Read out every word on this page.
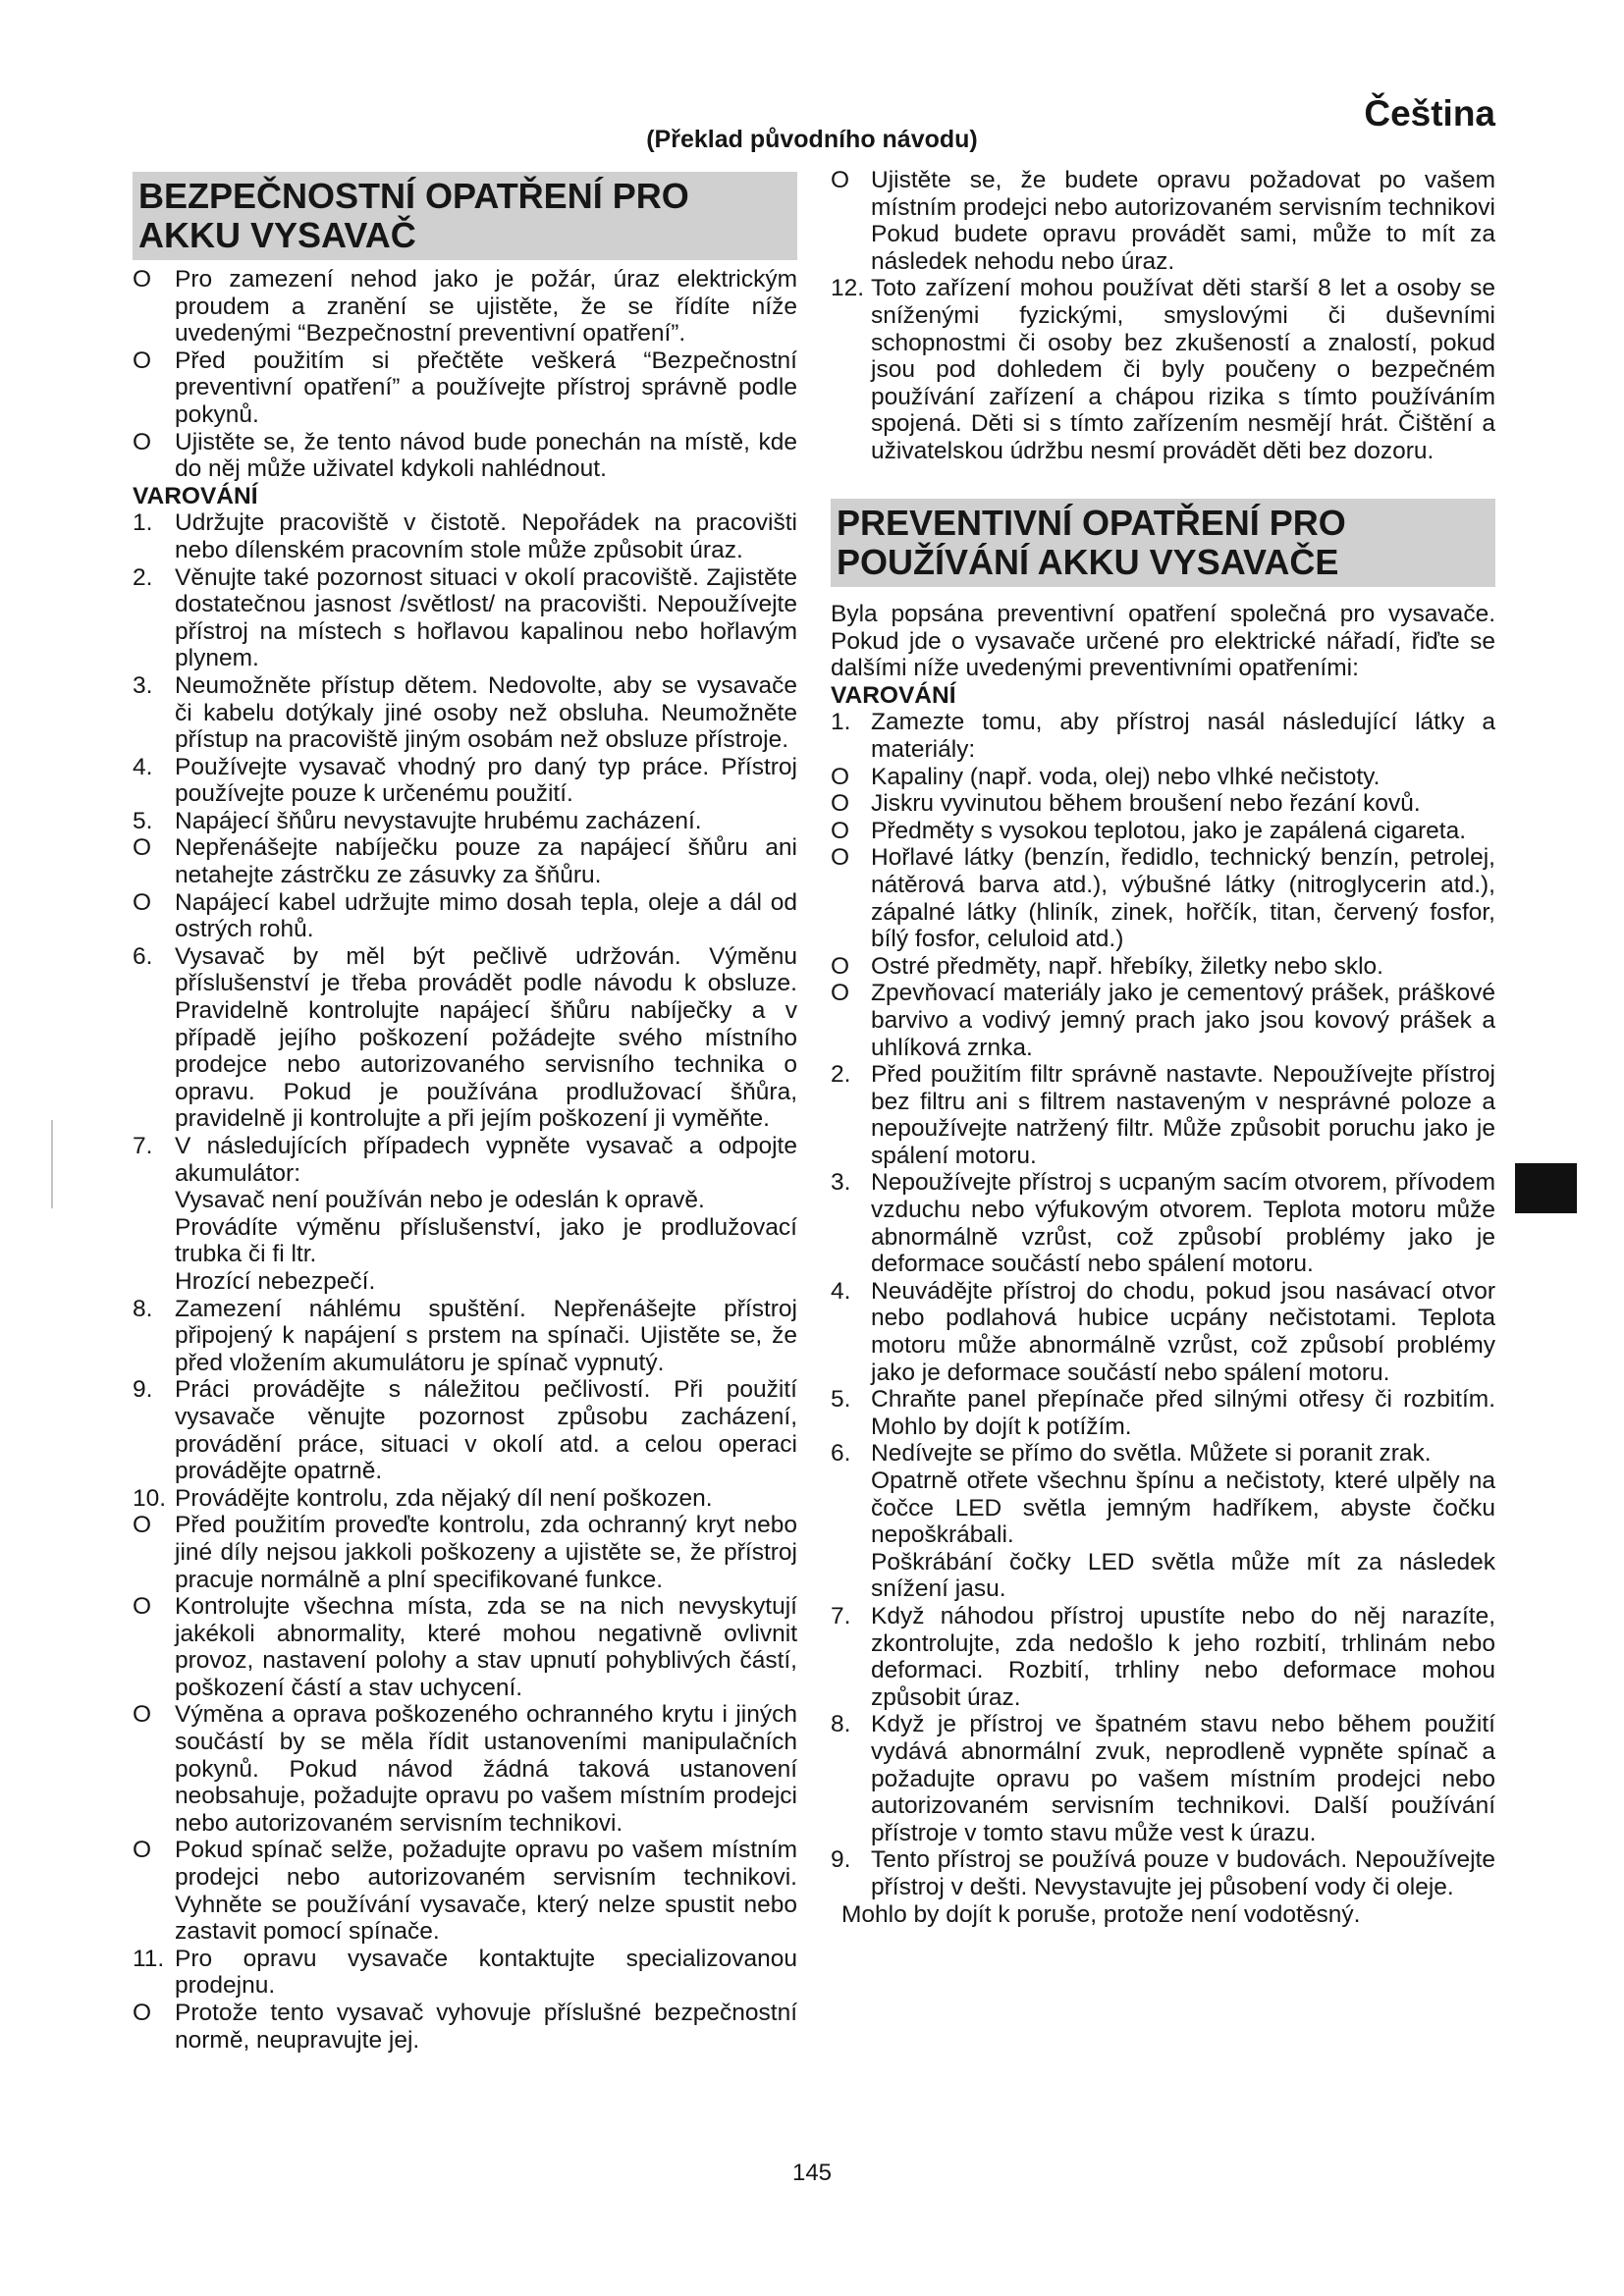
Čeština
(Překlad původního návodu)
BEZPEČNOSTNÍ OPATŘENÍ PRO
AKKU VYSAVAČ
O Pro zamezení nehod jako je požár, úraz elektrickým proudem a zranění se ujistěte, že se řídíte níže uvedenými “Bezpečnostní preventivní opatření”.
O Před použitím si přečtěte veškerá “Bezpečnostní preventivní opatření” a používejte přístroj správně podle pokynů.
O Ujistěte se, že tento návod bude ponechán na místě, kde do něj může uživatel kdykoli nahlédnout.
VAROVÁNÍ
1. Udržujte pracoviště v čistotě. Nepořádek na pracovišti nebo dílenském pracovním stole může způsobit úraz.
2. Věnujte také pozornost situaci v okolí pracoviště. Zajistěte dostatečnou jasnost /světlost/ na pracovišti. Nepoužívejte přístroj na místech s hořlavou kapalinou nebo hořlavým plynem.
3. Neumožněte přístup dětem. Nedovolte, aby se vysavače či kabelu dotýkaly jiné osoby než obsluha. Neumožněte přístup na pracoviště jiným osobám než obsluze přístroje.
4. Používejte vysavač vhodný pro daný typ práce. Přístroj používejte pouze k určenému použití.
5. Napájecí šňůru nevystavujte hrubému zacházení.
O Nepřenášejte nabíječku pouze za napájecí šňůru ani netahejte zástrčku ze zásuvky za šňůru.
O Napájecí kabel udržujte mimo dosah tepla, oleje a dál od ostrých rohů.
6. Vysavač by měl být pečlivě udržován. Výměnu příslušenství je třeba provádět podle návodu k obsluze. Pravidelně kontrolujte napájecí šňůru nabíječky a v případě jejího poškození požádejte svého místního prodejce nebo autorizovaného servisního technika o opravu. Pokud je používána prodlužovací šňůra, pravidelně ji kontrolujte a při jejím poškození ji vyměňte.
7. V následujících případech vypněte vysavač a odpojte akumulátor:
Vysavač není používán nebo je odeslán k opravě.
Provádíte výměnu příslušenství, jako je prodlužovací trubka či fi ltr.
Hrozící nebezpečí.
8. Zamezení náhlému spuštění. Nepřenášejte přístroj připojený k napájení s prstem na spínači. Ujistěte se, že před vložením akumulátoru je spínač vypnutý.
9. Práci provádějte s náležitou pečlivostí. Při použití vysavače věnujte pozornost způsobu zacházení, provádění práce, situaci v okolí atd. a celou operaci provádějte opatrně.
10. Provádějte kontrolu, zda nějaký díl není poškozen.
O Před použitím proveďte kontrolu, zda ochranný kryt nebo jiné díly nejsou jakkoli poškozeny a ujistěte se, že přístroj pracuje normálně a plní specifikované funkce.
O Kontrolujte všechna místa, zda se na nich nevyskytují jakékoli abnormality, které mohou negativně ovlivnit provoz, nastavení polohy a stav upnutí pohyblivých částí, poškození částí a stav uchycení.
O Výměna a oprava poškozeného ochranného krytu i jiných součástí by se měla řídit ustanoveními manipulačních pokynů. Pokud návod žádná taková ustanovení neobsahuje, požadujte opravu po vašem místním prodejci nebo autorizovaném servisním technikovi.
O Pokud spínač selže, požadujte opravu po vašem místním prodejci nebo autorizovaném servisním technikovi. Vyhněte se používání vysavače, který nelze spustit nebo zastavit pomocí spínače.
11. Pro opravu vysavače kontaktujte specializovanou prodejnu.
O Protože tento vysavač vyhovuje příslušné bezpečnostní normě, neupravujte jej.
O Ujistěte se, že budete opravu požadovat po vašem místním prodejci nebo autorizovaném servisním technikovi Pokud budete opravu provádět sami, může to mít za následek nehodu nebo úraz.
12. Toto zařízení mohou používat děti starší 8 let a osoby se sníženými fyzickými, smyslovými či duševními schopnostmi či osoby bez zkušeností a znalostí, pokud jsou pod dohledem či byly poučeny o bezpečném používání zařízení a chápou rizika s tímto používáním spojená. Děti si s tímto zařízením nesmějí hrát. Čištění a uživatelskou údržbu nesmí provádět děti bez dozoru.
PREVENTIVNÍ OPATŘENÍ PRO
POUŽÍVÁNÍ AKKU VYSAVAČE
Byla popsána preventivní opatření společná pro vysavače. Pokud jde o vysavače určené pro elektrické nářadí, řiďte se dalšími níže uvedenými preventivními opatřeními:
VAROVÁNÍ
1. Zamezte tomu, aby přístroj nasál následující látky a materiály:
O Kapaliny (např. voda, olej) nebo vlhké nečistoty.
O Jiskru vyvinutou během broušení nebo řezání kovů.
O Předměty s vysokou teplotou, jako je zapálená cigareta.
O Hořlavé látky (benzín, ředidlo, technický benzín, petrolej, nátěrová barva atd.), výbušné látky (nitroglycerin atd.), zápalné látky (hliník, zinek, hořčík, titan, červený fosfor, bílý fosfor, celuloid atd.)
O Ostré předměty, např. hřebíky, žiletky nebo sklo.
O Zpevňovací materiály jako je cementový prášek, práškové barvivo a vodivý jemný prach jako jsou kovový prášek a uhlíková zrnka.
2. Před použitím filtr správně nastavte. Nepoužívejte přístroj bez filtru ani s filtrem nastaveným v nesprávné poloze a nepoužívejte natržený filtr. Může způsobit poruchu jako je spálení motoru.
3. Nepoužívejte přístroj s ucpaným sacím otvorem, přívodem vzduchu nebo výfukovým otvorem. Teplota motoru může abnormálně vzrůst, což způsobí problémy jako je deformace součástí nebo spálení motoru.
4. Neuvádějte přístroj do chodu, pokud jsou nasávací otvor nebo podlahová hubice ucpány nečistotami. Teplota motoru může abnormálně vzrůst, což způsobí problémy jako je deformace součástí nebo spálení motoru.
5. Chraňte panel přepínače před silnými otřesy či rozbitím. Mohlo by dojít k potížím.
6. Nedívejte se přímo do světla. Můžete si poranit zrak.
Opatrně otřete všechnu špínu a nečistoty, které ulpěly na čočce LED světla jemným hadříkem, abyste čočku nepoškrábali.
Poškrábání čočky LED světla může mít za následek snížení jasu.
7. Když náhodou přístroj upustíte nebo do něj narazíte, zkontrolujte, zda nedošlo k jeho rozbití, trhlinám nebo deformaci. Rozbití, trhliny nebo deformace mohou způsobit úraz.
8. Když je přístroj ve špatném stavu nebo během použití vydává abnormální zvuk, neprodleně vypněte spínač a požadujte opravu po vašem místním prodejci nebo autorizovaném servisním technikovi. Další používání přístroje v tomto stavu může vest k úrazu.
9. Tento přístroj se používá pouze v budovách. Nepoužívejte přístroj v dešti. Nevystavujte jej působení vody či oleje.
Mohlo by dojít k poruše, protože není vodotěsný.
145
